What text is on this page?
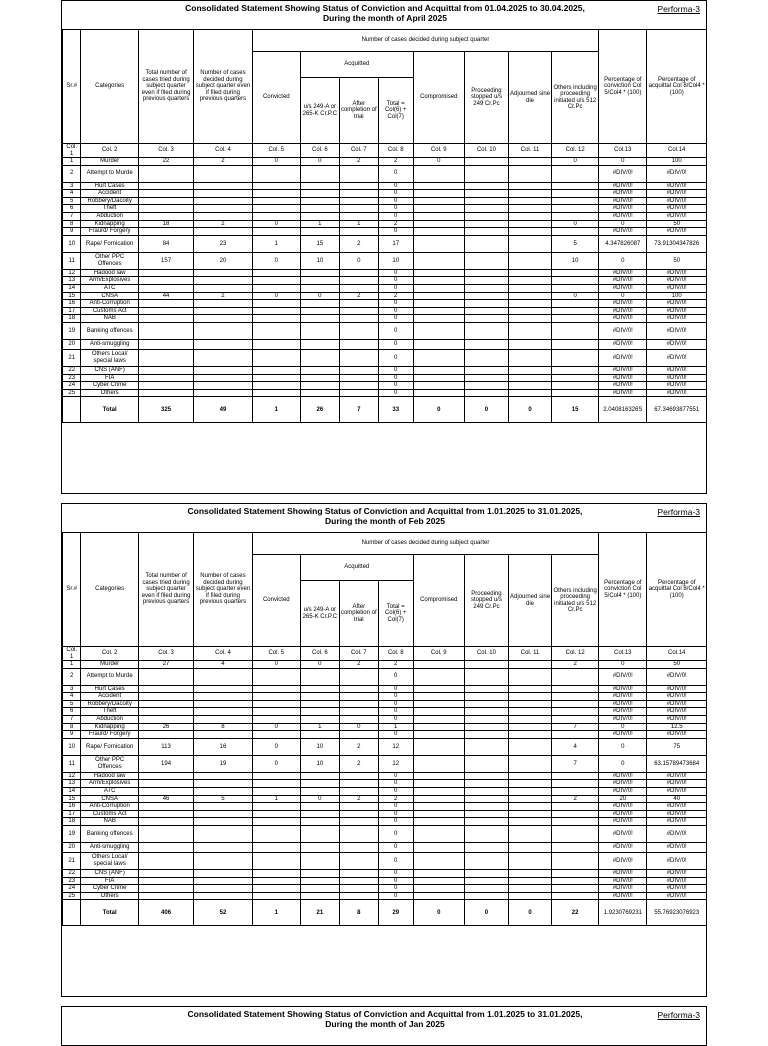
Consolidated Statement Showing Status of Conviction and Acquittal from 01.04.2025 to 30.04.2025,
During the month of April 2025
Performa-3
Sr.#	Categories	Total number of cases tried during subject quarter even if filed during previous quarters	Number of cases decided during subject quarter even if filed during previous quarters	Number of cases decided during subject quarter								Percentage of conviction Col 5/Col4 * (100)	Percentage of acquittal Col 8/Col4 * (100)
				Convicted	Acquitted			Compromised	Proceeding stopped u/s 249 Cr.Pc	Adjourned sine die	Others including proceeding initiated u/s 512 Cr.Pc		
					u/s 249-A or 265-K Cr.P.C	After completion of trial	Total = Col(6) + Col(7)						
Col. 1	Col. 2	Col. 3	Col. 4	Col. 5	Col. 6	Col. 7	Col. 8	Col. 9	Col. 10	Col. 11	Col. 12	Col.13	Col.14
1	Murder	22	2	0	0	2	2	0			0	0	100
2	Attempt to Murde						0					#DIV/0!	#DIV/0!
3	Hurt Cases						0					#DIV/0!	#DIV/0!
4	Accident						0					#DIV/0!	#DIV/0!
5	Robbery/Dacoity						0					#DIV/0!	#DIV/0!
6	Theft						0					#DIV/0!	#DIV/0!
7	Abduction						0					#DIV/0!	#DIV/0!
8	Kidnapping	18	2	0	1	1	2				0	0	50
9	Fraurd/ Forgery						0					#DIV/0!	#DIV/0!
10	Rape/ Fornication	84	23	1	15	2	17				5	4.347826087	73.91304347826
11	Other PPC Offences	157	20	0	10	0	10				10	0	50
12	Hadood law						0					#DIV/0!	#DIV/0!
13	Arm/Explosives						0					#DIV/0!	#DIV/0!
14	ATC						0					#DIV/0!	#DIV/0!
15	CNSA	44	2	0	0	2	2				0	0	100
16	Anti-Corruption						0					#DIV/0!	#DIV/0!
17	Customs Act						0					#DIV/0!	#DIV/0!
18	NAB						0					#DIV/0!	#DIV/0!
19	Banking offences						0					#DIV/0!	#DIV/0!
20	Anti-smuggling						0					#DIV/0!	#DIV/0!
21	Others Local/ special laws						0					#DIV/0!	#DIV/0!
22	CNS (ANF)						0					#DIV/0!	#DIV/0!
23	FIA						0					#DIV/0!	#DIV/0!
24	Cyber Crime						0					#DIV/0!	#DIV/0!
25	Others						0					#DIV/0!	#DIV/0!
	Total	325	49	1	26	7	33	0	0	0	15	2.040816326S	67.34693877551
Consolidated Statement Showing Status of Conviction and Acquittal from 1.01.2025 to 31.01.2025,
During the month of Feb 2025
Performa-3
Sr.#	Categories	Total number of cases tried during subject quarter even if filed during previous quarters	Number of cases decided during subject quarter even if filed during previous quarters	Number of cases decided during subject quarter								Percentage of conviction Col 5/Col4 * (100)	Percentage of acquittal Col 8/Col4 * (100)
				Convicted	Acquitted			Compromised	Proceeding stopped u/s 249 Cr.Pc	Adjourned sine die	Others including proceeding initiated u/s 512 Cr.Pc		
					u/s 249-A or 265-K Cr.P.C	After completion of trial	Total = Col(6) + Col(7)						
Col. 1	Col. 2	Col. 3	Col. 4	Col. 5	Col. 6	Col. 7	Col. 8	Col. 9	Col. 10	Col. 11	Col. 12	Col.13	Col.14
1	Murder	27	4	0	0	2	2				2	0	50
2	Attempt to Murde						0					#DIV/0!	#DIV/0!
3	Hurt Cases						0					#DIV/0!	#DIV/0!
4	Accident						0					#DIV/0!	#DIV/0!
5	Robbery/Dacoity						0					#DIV/0!	#DIV/0!
6	Theft						0					#DIV/0!	#DIV/0!
7	Abduction						0					#DIV/0!	#DIV/0!
8	Kidnapping	26	8	0	1	0	1				7	0	12.5
9	Fraurd/ Forgery						0					#DIV/0!	#DIV/0!
10	Rape/ Fornication	113	16	0	10	2	12				4	0	75
11	Other PPC Offences	194	19	0	10	2	12				7	0	63.15789473684
12	Hadood law						0					#DIV/0!	#DIV/0!
13	Arm/Explosives						0					#DIV/0!	#DIV/0!
14	ATC						0					#DIV/0!	#DIV/0!
15	CNSA	46	5	1	0	2	2				2	20	40
16	Anti-Corruption						0					#DIV/0!	#DIV/0!
17	Customs Act						0					#DIV/0!	#DIV/0!
18	NAB						0					#DIV/0!	#DIV/0!
19	Banking offences						0					#DIV/0!	#DIV/0!
20	Anti-smuggling						0					#DIV/0!	#DIV/0!
21	Others Local/ special laws						0					#DIV/0!	#DIV/0!
22	CNS (ANF)						0					#DIV/0!	#DIV/0!
23	FIA						0					#DIV/0!	#DIV/0!
24	Cyber Crime						0					#DIV/0!	#DIV/0!
25	Others						0					#DIV/0!	#DIV/0!
	Total	406	52	1	21	8	29	0	0	0	22	1.9230769231	55.76923076923
Consolidated Statement Showing Status of Conviction and Acquittal from 1.01.2025 to 31.01.2025,
During the month of Jan 2025
Performa-3
